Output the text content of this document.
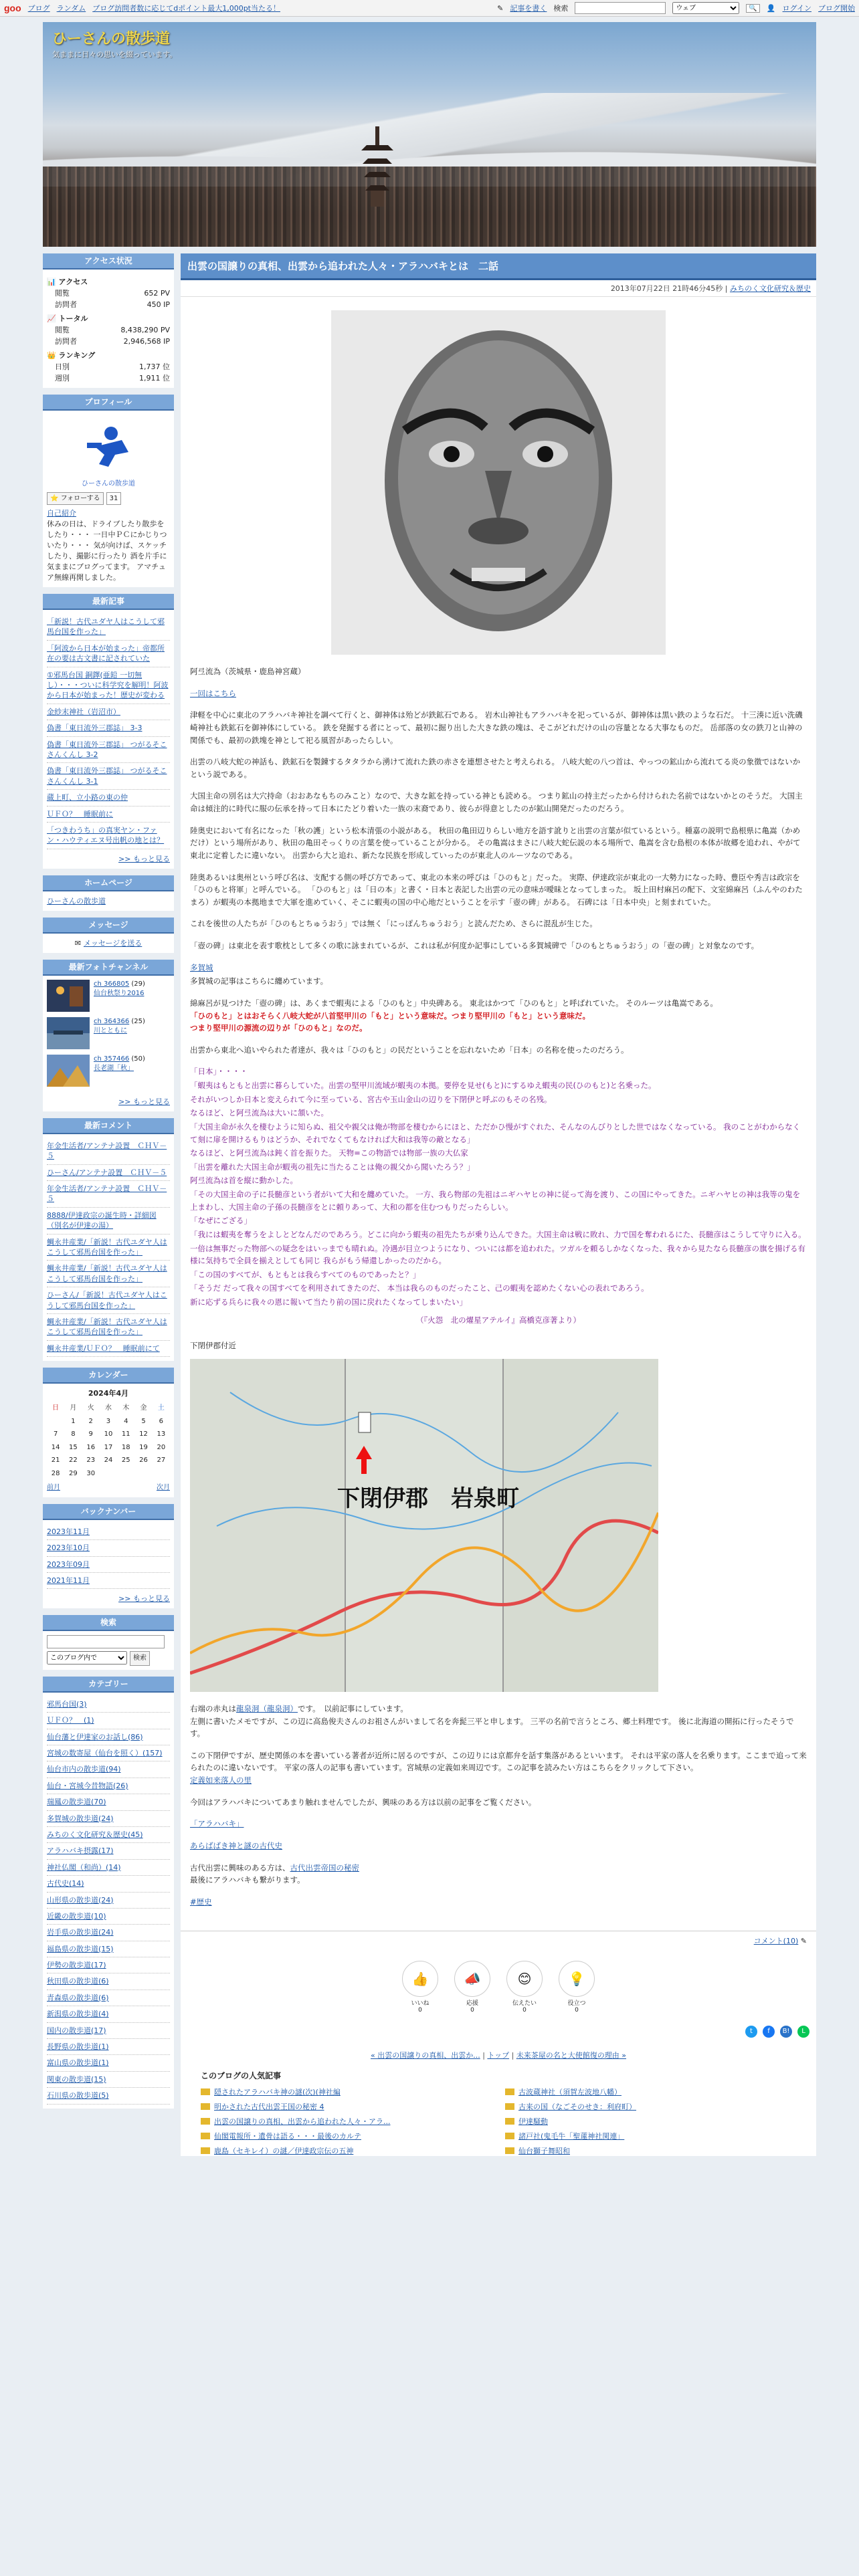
goo ブログ ランダム ブログ訪問者数に応じてdポイント最大1,000pt当たる！	✎ 記事を書く 検索
ウェブ	🔍	👤 ログイン ブログ開始
ひーさんの散歩道
気ままに日々の思いを綴っています。
アクセス状況
📊 アクセス
閲覧	652 PV
訪問者	450 IP
📈 トータル
閲覧	8,438,290 PV
訪問者	2,946,568 IP
👑 ランキング
日別	1,737 位
週別	1,911 位
プロフィール
ひーさんの散歩道
⭐ フォローする	31
自己紹介
休みの日は、ドライブしたり散歩をしたり・・・ 一日中ＰＣにかじりついたり・・・ 気が向けば、スケッチしたり、撮影に行ったり 酒を片手に気ままにブログってます。 アマチュア無線再開しました。
最新記事
「新説！古代ユダヤ人はこうして邪馬台国を作った」
「阿波から日本が始まった」帝都所在の要は古文書に記されていた
①邪馬台国 銅鐸(亜鉛 一切無し）・・・ついに科学究を解明！阿波から日本が始まった！歴史が変わる
金紗末神社（岩沼市）
偽書「東日流外三郡誌」 3-3
偽書「東日流外三郡誌」 つがるそこさんくんし 3-2
偽書「東日流外三郡誌」 つがるそこさんくんし 3-1
蔵上町、立小路の東の仲
ＵＦＯ？　睡眠前に
「つきわうち」の真実ヤン・ファン・ハウティエヌ号出帆の地とは？
>> もっと見る
ホームページ
ひーさんの散歩道
メッセージ
✉ メッセージを送る
最新フォトチャンネル
ch 366805 (29)
仙台秋祭り2016
ch 364366 (25)
川とともに
ch 357466 (50)
長老湖「秋」
>> もっと見る
最新コメント
年金生活者/アンテナ設置　ＣＨＶ－５
ひーさん/アンテナ設置　ＣＨＶ－５
年金生活者/アンテナ設置　ＣＨＶ－５
8888/伊達政宗の誕生時・詳細図（別名が伊達の湯）
鯛永井産業/「新説！古代ユダヤ人はこうして邪馬台国を作った」
鯛永井産業/「新説！古代ユダヤ人はこうして邪馬台国を作った」
ひーさん/「新説！古代ユダヤ人はこうして邪馬台国を作った」
鯛永井産業/「新説！古代ユダヤ人はこうして邪馬台国を作った」
鯛永井産業/ＵＦＯ？　睡眠前にて
カレンダー
2024年4月
日	月	火	水	木	金	土
	1	2	3	4	5	6
7	8	9	10	11	12	13
14	15	16	17	18	19	20
21	22	23	24	25	26	27
28	29	30				
前月	次月
バックナンバー
2023年11月
2023年10月
2023年09月
2021年11月
>> もっと見る
検索
このブログ内で
検索
カテゴリー
邪馬台国(3)
ＵＦＯ？　(1)
仙台藩と伊達家のお話し(86)
宮城の数寄屋（仙台を照く）(157)
仙台市内の散歩道(94)
仙台・宮城今昔物語(26)
瑞鳳の散歩道(70)
多賀城の散歩道(24)
みちのく文化研究＆歴史(45)
アラハバキ摂露(17)
神社仏閣（和尚）(14)
古代史(14)
山形県の散歩道(24)
近畿の散歩道(10)
岩手県の散歩道(24)
福島県の散歩道(15)
伊勢の散歩道(17)
秋田県の散歩道(6)
青森県の散歩道(6)
新潟県の散歩道(4)
国内の散歩道(17)
長野県の散歩道(1)
富山県の散歩道(1)
関東の散歩道(15)
石川県の散歩道(5)
出雲の国譲りの真相、出雲から追われた人々・アラハバキとは　二話
2013年07月22日 21時46分45秒 | みちのく文化研究＆歴史

阿弖流為（茨城県・鹿島神宮蔵）

一回はこちら

津軽を中心に東北のアラハバキ神社を調べて行くと、御神体は殆どが鉄鉱石である。 岩木山神社もアラハバキを祀っているが、御神体は黒い鉄のような石だ。 十三湊に近い洗磯崎神社も鉄鉱石を御神体にしている。 鉄を発掘する者にとって、最初に掘り出した大きな鉄の塊は、そこがどれだけの山の容量となる大事なものだ。 岳部落の女の鉄刀と山神の関係でも、最初の鉄塊を神として祀る風習があったらしい。

出雲の八岐大蛇の神話も、鉄鉱石を製錬するタタラから湧けて流れた鉄の赤さを連想させたと考えられる。 八岐大蛇の八つ首は、やっつの鉱山から流れてる炎の象徴ではないかという説である。

大国主命の別名は大穴持命（おおあなもちのみこと）なので、大きな鉱を持っている神とも読める。 つまり鉱山の持主だったから付けられた名前ではないかとのそうだ。 大国主命は傾注的に時代に服の伝承を持って日本にたどり着いた一族の末裔であり、彼らが得意としたのが鉱山開発だったのだろう。

陸奥史において有名になった「秋の護」という松本清張の小説がある。 秋田の亀田辺りらしい地方を語す訛りと出雲の言葉が似ているという。種嘉の説明で島根県に亀嵩（かめだけ）という場所があり、秋田の亀田そっくりの言葉を使っていることが分かる。 その亀嵩はまさに八岐大蛇伝説の本る場所で、亀嵩を含む島根の本体が故郷を追われ、やがて東北に定着したに違いない。 出雲から大と追れ、新たな民族を形成していったのが東北人のルーツなのである。

陸奥あるいは奥州という呼び名は、支配する側の呼び方であって、東北の本来の呼びは「ひのもと」だった。 実際、伊達政宗が東北の一大勢力になった時、豊臣や秀吉は政宗を「ひのもと将軍」と呼んでいる。 「ひのもと」は「日の本」と書く・日本と表記した出雲の元の意味が曖昧となってしまった。 坂上田村麻呂の配下、文室綿麻呂（ふんやのわたまろ）が蝦夷の本拠地まで大軍を進めていく、そこに蝦夷の国の中心地だということを示す「壺の碑」がある。 石碑には「日本中央」と刻まれていた。

これを後世の人たちが「ひのもとちゅうおう」では無く「にっぽんちゅうおう」と読んだため、さらに混乱が生じた。

「壺の碑」は東北を表す歌枕として多くの歌に詠まれているが、これは私が何度か記事にしている多賀城碑で「ひのもとちゅうおう」の「壺の碑」と対象なのです。

多賀城

多賀城の記事はこちらに纏めています。

綿麻呂が見つけた「壺の碑」は、あくまで蝦夷による「ひのもと」中央碑ある。 東北はかつて「ひのもと」と呼ばれていた。 そのルーツは亀嵩である。

「ひのもと」とはおそらく八岐大蛇が八首堅甲川の「もと」という意味だ。つまり堅甲川の「もと」という意味だ。

つまり堅甲川の源流の辺りが「ひのもと」なのだ。

出雲から東北へ追いやられた者達が、我々は「ひのもと」の民だということを忘れないため「日本」の名称を使ったのだろう。

「日本」・・・・

「蝦夷はもともと出雲に暮らしていた。出雲の堅甲川流域が蝦夷の本拠。要停を見せ(もと)にするゆえ蝦夷の民(ひのもと)と名乗った。

それがいつしか日本と変えられて今に至っている、宮古や玉山金山の辺りを下閉伊と呼ぶのもその名残。

なるほど、と阿弖流為は大いに頷いた。

「大国主命が永久を棲むように知らぬ、祖父や親父は俺が物部を棲むからにほと、ただかひ慢がすぐれた、そんなのんびりとした世ではなくなっている。 我のことがわからなくて刻に扉を開けるもりはどうか、それでなくてもなければ大和は我等の敵となる」

なるほど、と阿弖流為は鈍く首を振りた。 天物=この物語では物部一族の大仏家

「出雲を離れた大国主命が蝦夷の祖先に当たることは俺の親父から聞いたろう？」

阿弖流為は首を縦に動かした。

「その大国主命の子に長髄彦という者がいて大和を纏めていた。 一方、我ら物部の先祖はニギハヤヒの神に従って海を渡り、この国にやってきた。ニギハヤヒの神は我等の鬼を上まわし、大国主命の子孫の長髄彦をとに頼りあって、大和の都を住むつもりだったらしい。

「なぜにござる」

「我には蝦夷を奪うをよしとどなんだのであろう。どこに向かう蝦夷の祖先たちが乗り込んできた。大国主命は戦に敗れ、力で国を奪われるにた、長髄彦はこうして守りに入る。

一倍は無事だった物部への疑念をはいっまでも晴れぬ。冷遇が目立つようになり、ついには都を追われた。ツガルを頼るしかなくなった、我々から見たなら長髄彦の旗を揚げる有様に気持ちで全員を揃えとしても同じ 我らがもう帰還しかったのだから。

「この国のすべてが、もともとは我らすべてのものであったと？」

「そうだ だって我々の国すべてを利用されてきたのだ、 本当は我らのものだったこと、己の蝦夷を認めたくない心の表れであろう。

新に応ずる兵らに我々の恩に報いて当たり前の国に戻れたくなってしまいたい」

（『火怨　北の燿星アテルイ』高橋克彦著より）

下閉伊郡付近

下閉伊郡　岩泉町

右端の赤丸は龍泉洞（龍泉洞）です。　以前記事にしています。

左側に書いたメモですが、この辺に高島俊夫さんのお祖さんがいまして名を奔髭三平と申します。 三平の名前で言うところ、郷土料理です。 後に北海道の開拓に行ったそうです。

この下閉伊ですが、歴史関係の本を書いている著者が近所に居るのですが、この辺りには京都弁を話す集落があるといいます。 それは平家の落人を名乗ります。ここまで追って来られたのに違いないです。 平家の落人の記事も書いています。宮城県の定義如来周辺です。この記事を読みたい方はこちらをクリックして下さい。

定義如来落人の里

今回はアラハバキについてあまり触れませんでしたが、興味のある方は以前の記事をご覧ください。

「アラハバキ」

あらばばき神と謎の古代史

古代出雲に興味のある方は、古代出雲帝国の秘密

最後にアラハバキも繋がります。

#歴史

コメント(10) ✎
👍
いいね
0
📣
応援
0
😊
伝えたい
0
💡
役立つ
0
t	f	B!	L
« 出雲の国譲りの真相、出雲か... | トップ | 未来茶屋の名と大使館復の理由 »
このブログの人気記事
隠されたアラハバキ神の謎(次)(神社編	古波蔵神社（須賀左波地八幡）
明かされた古代出雲王国の秘密 4	古来の国（なごそのせき：利府町）
出雲の国譲りの真相、出雲から追われた人々・アラ...	伊達騒動
仙閣電報所・遺骨は語る・・・最後のカルテ	諸戸社(鬼毛牛「聖蓮神社関連」
鹿島（セキレイ）の謎／伊達政宗伝の五神	仙台獅子舞昭和
